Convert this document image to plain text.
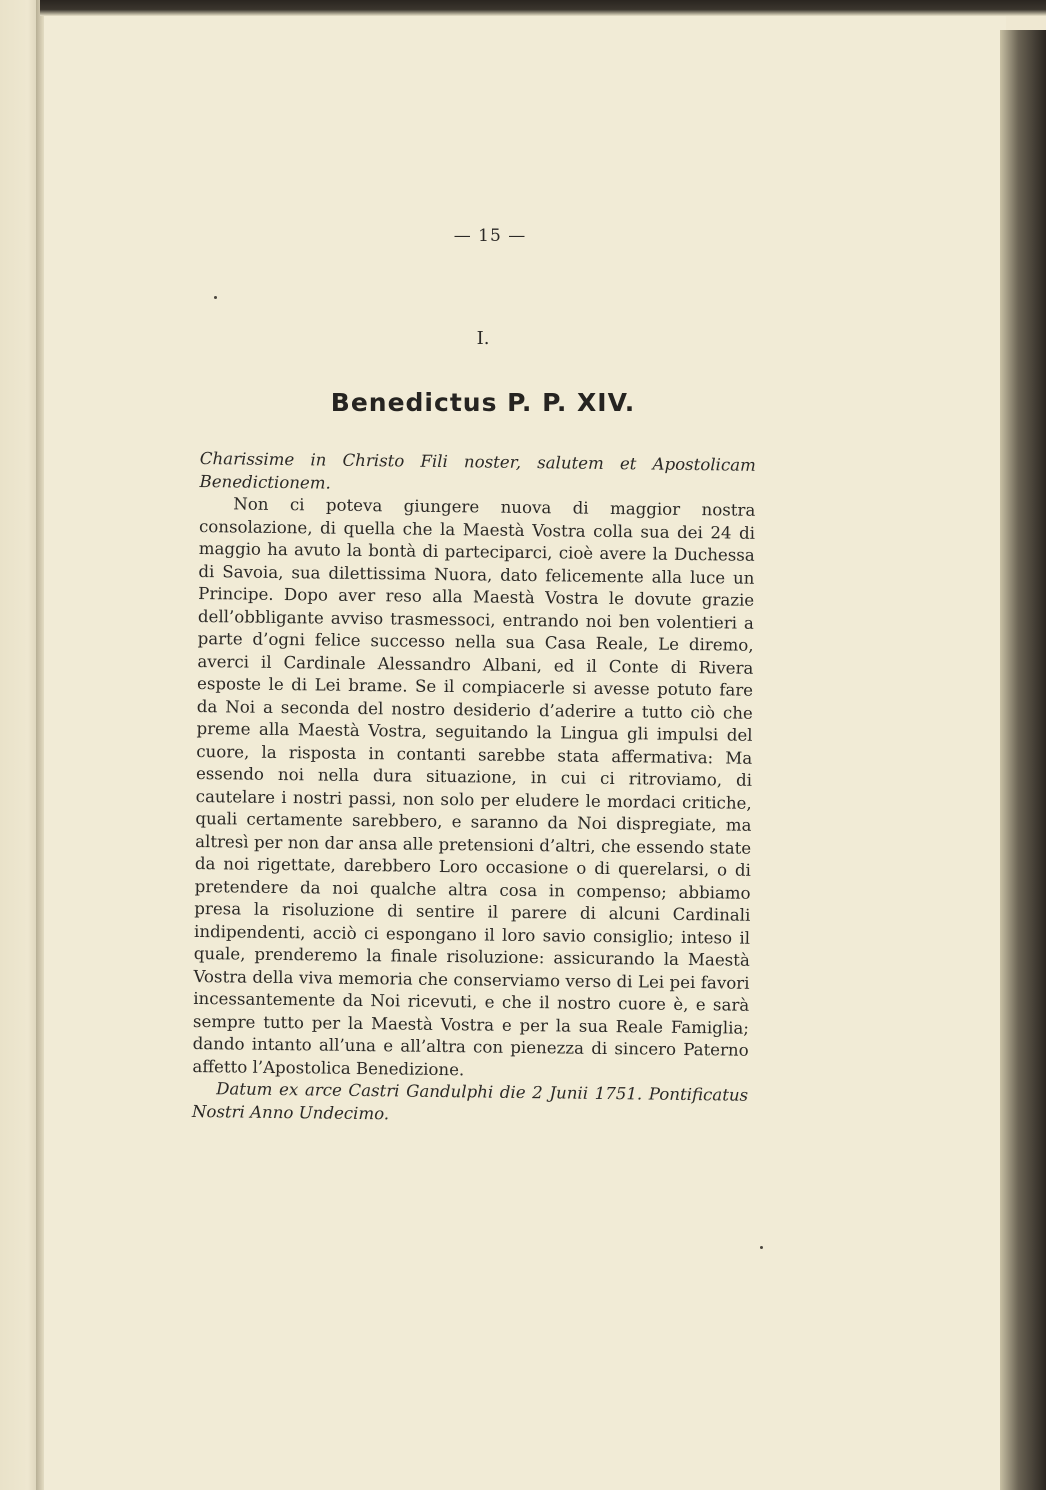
— 15 —
I.
Benedictus P. P. XIV.

Charissime in Christo Fili noster, salutem et Apostolicam Benedictionem.

Non ci poteva giungere nuova di maggior nostra consolazione, di quella che la Maestà Vostra colla sua dei 24 di maggio ha avuto la bontà di parteciparci, cioè avere la Duchessa di Savoia, sua dilettissima Nuora, dato felicemente alla luce un Principe. Dopo aver reso alla Maestà Vostra le dovute grazie dell’obbligante avviso trasmessoci, entrando noi ben volentieri a parte d’ogni felice successo nella sua Casa Reale, Le diremo, averci il Cardinale Alessandro Albani, ed il Conte di Rivera esposte le di Lei brame. Se il compiacerle si avesse potuto fare da Noi a seconda del nostro desiderio d’aderire a tutto ciò che preme alla Maestà Vostra, seguitando la Lingua gli impulsi del cuore, la risposta in contanti sarebbe stata affermativa: Ma essendo noi nella dura situazione, in cui ci ritroviamo, di cautelare i nostri passi, non solo per eludere le mordaci critiche, quali certamente sarebbero, e saranno da Noi dispregiate, ma altresì per non dar ansa alle pretensioni d’altri, che essendo state da noi rigettate, darebbero Loro occasione o di querelarsi, o di pretendere da noi qualche altra cosa in compenso; abbiamo presa la risoluzione di sentire il parere di alcuni Cardinali indipendenti, acciò ci espongano il loro savio consiglio; inteso il quale, prenderemo la finale risoluzione: assicurando la Maestà Vostra della viva memoria che conserviamo verso di Lei pei favori incessantemente da Noi ricevuti, e che il nostro cuore è, e sarà sempre tutto per la Maestà Vostra e per la sua Reale Famiglia; dando intanto all’una e all’altra con pienezza di sincero Paterno affetto l’Apostolica Benedizione.

Datum ex arce Castri Gandulphi die 2 Junii 1751. Pontificatus Nostri Anno Undecimo.
